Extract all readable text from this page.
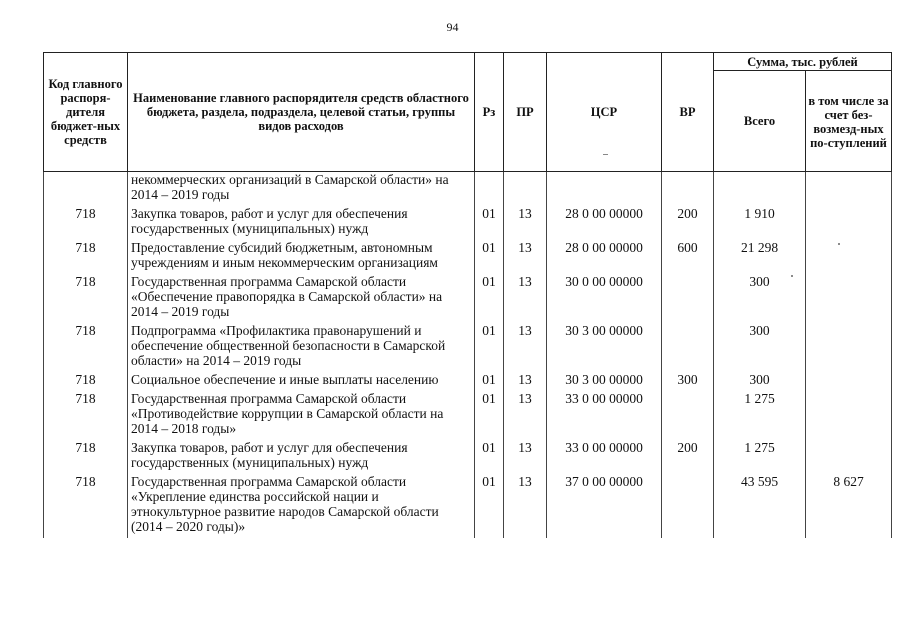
94
Код главного распоря-дителя бюджет-ных средств	Наименование главного распорядителя средств областного бюджета, раздела, подраздела, целевой статьи, группы видов расходов	Рз	ПР	ЦСР	ВР	Сумма, тыс. рублей	
						Всего	в том числе за счет без-возмезд-ных по-ступлений
	некоммерческих организаций в Самарской области» на 2014 – 2019 годы						
718	Закупка товаров, работ и услуг для обеспечения государственных (муниципальных) нужд	01	13	28 0 00 00000	200	1 910	
718	Предоставление субсидий бюджетным, автономным учреждениям и иным некоммерческим организациям	01	13	28 0 00 00000	600	21 298	
718	Государственная программа Самарской области «Обеспечение правопорядка в Самарской области» на 2014 – 2019 годы	01	13	30 0 00 00000		300	
718	Подпрограмма «Профилактика правонарушений и обеспечение общественной безопасности в Самарской области» на 2014 – 2019 годы	01	13	30 3 00 00000		300	
718	Социальное обеспечение и иные выплаты населению	01	13	30 3 00 00000	300	300	
718	Государственная программа Самарской области «Противодействие коррупции в Самарской области на 2014 – 2018 годы»	01	13	33 0 00 00000		1 275	
718	Закупка товаров, работ и услуг для обеспечения государственных (муниципальных) нужд	01	13	33 0 00 00000	200	1 275	
718	Государственная программа Самарской области «Укрепление единства российской нации и этнокультурное развитие народов Самарской области (2014 – 2020 годы)»	01	13	37 0 00 00000		43 595	8 627
